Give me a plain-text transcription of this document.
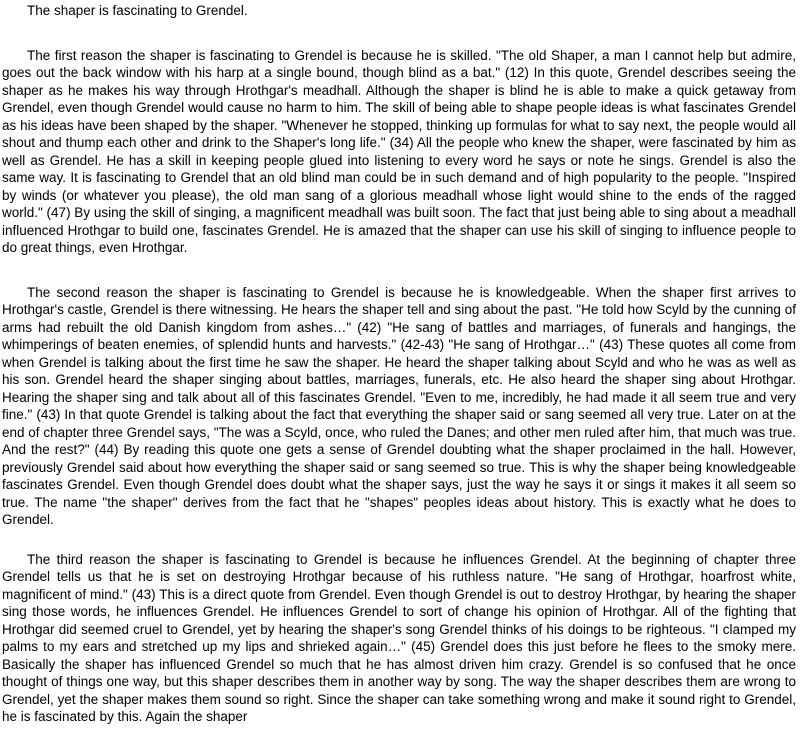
The shaper is fascinating to Grendel.

The first reason the shaper is fascinating to Grendel is because he is skilled. "The old Shaper, a man I cannot help but admire, goes out the back window with his harp at a single bound, though blind as a bat." (12) In this quote, Grendel describes seeing the shaper as he makes his way through Hrothgar's meadhall. Although the shaper is blind he is able to make a quick getaway from Grendel, even though Grendel would cause no harm to him. The skill of being able to shape people ideas is what fascinates Grendel as his ideas have been shaped by the shaper. "Whenever he stopped, thinking up formulas for what to say next, the people would all shout and thump each other and drink to the Shaper's long life." (34) All the people who knew the shaper, were fascinated by him as well as Grendel. He has a skill in keeping people glued into listening to every word he says or note he sings. Grendel is also the same way. It is fascinating to Grendel that an old blind man could be in such demand and of high popularity to the people. "Inspired by winds (or whatever you please), the old man sang of a glorious meadhall whose light would shine to the ends of the ragged world." (47) By using the skill of singing, a magnificent meadhall was built soon. The fact that just being able to sing about a meadhall influenced Hrothgar to build one, fascinates Grendel. He is amazed that the shaper can use his skill of singing to influence people to do great things, even Hrothgar.

The second reason the shaper is fascinating to Grendel is because he is knowledgeable. When the shaper first arrives to Hrothgar's castle, Grendel is there witnessing. He hears the shaper tell and sing about the past. "He told how Scyld by the cunning of arms had rebuilt the old Danish kingdom from ashes…" (42) "He sang of battles and marriages, of funerals and hangings, the whimperings of beaten enemies, of splendid hunts and harvests." (42-43) "He sang of Hrothgar…" (43) These quotes all come from when Grendel is talking about the first time he saw the shaper. He heard the shaper talking about Scyld and who he was as well as his son. Grendel heard the shaper singing about battles, marriages, funerals, etc. He also heard the shaper sing about Hrothgar. Hearing the shaper sing and talk about all of this fascinates Grendel. "Even to me, incredibly, he had made it all seem true and very fine." (43) In that quote Grendel is talking about the fact that everything the shaper said or sang seemed all very true. Later on at the end of chapter three Grendel says, "The was a Scyld, once, who ruled the Danes; and other men ruled after him, that much was true. And the rest?" (44) By reading this quote one gets a sense of Grendel doubting what the shaper proclaimed in the hall. However, previously Grendel said about how everything the shaper said or sang seemed so true. This is why the shaper being knowledgeable fascinates Grendel. Even though Grendel does doubt what the shaper says, just the way he says it or sings it makes it all seem so true. The name "the shaper" derives from the fact that he "shapes" peoples ideas about history. This is exactly what he does to Grendel.

The third reason the shaper is fascinating to Grendel is because he influences Grendel. At the beginning of chapter three Grendel tells us that he is set on destroying Hrothgar because of his ruthless nature. "He sang of Hrothgar, hoarfrost white, magnificent of mind." (43) This is a direct quote from Grendel. Even though Grendel is out to destroy Hrothgar, by hearing the shaper sing those words, he influences Grendel. He influences Grendel to sort of change his opinion of Hrothgar. All of the fighting that Hrothgar did seemed cruel to Grendel, yet by hearing the shaper's song Grendel thinks of his doings to be righteous. "I clamped my palms to my ears and stretched up my lips and shrieked again…" (45) Grendel does this just before he flees to the smoky mere. Basically the shaper has influenced Grendel so much that he has almost driven him crazy. Grendel is so confused that he once thought of things one way, but this shaper describes them in another way by song. The way the shaper describes them are wrong to Grendel, yet the shaper makes them sound so right. Since the shaper can take something wrong and make it sound right to Grendel, he is fascinated by this. Again the shaper
